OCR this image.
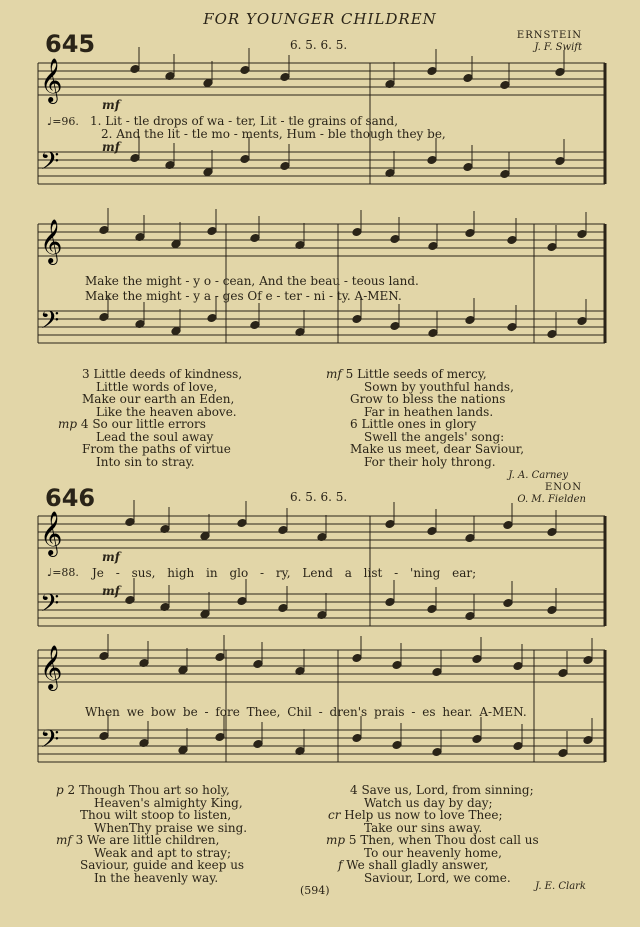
𝄞
𝄢
𝄞
𝄢
𝄞
𝄢
𝄞
𝄢
FOR YOUNGER CHILDREN
645	6. 5. 6. 5.
ERNSTEIN
J. F. Swift
mf
♩=96. 1. Lit - tle drops of wa - ter, Lit - tle grains of sand,
2. And the lit - tle mo - ments, Hum - ble though they be,
mf
Make the might - y o - cean, And the beau - teous land.
Make the might - y a - ges Of e - ter - ni - ty. A-MEN.
3 Little deeds of kindness,
Little words of love,
Make our earth an Eden,
Like the heaven above.
mp 4 So our little errors
Lead the soul away
From the paths of virtue
Into sin to stray.
mf 5 Little seeds of mercy,
Sown by youthful hands,
Grow to bless the nations
Far in heathen lands.
6 Little ones in glory
Swell the angels' song:
Make us meet, dear Saviour,
For their holy throng.
J. A. Carney
646	6. 5. 6. 5.
ENON
O. M. Fielden
mf
♩=88. Je - sus, high in glo - ry, Lend a list - 'ning ear;
mf
When we bow be - fore Thee, Chil - dren's prais - es hear. A-MEN.
p 2 Though Thou art so holy,
Heaven's almighty King,
Thou wilt stoop to listen,
WhenThy praise we sing.
mf 3 We are little children,
Weak and apt to stray;
Saviour, guide and keep us
In the heavenly way.
4 Save us, Lord, from sinning;
Watch us day by day;
cr Help us now to love Thee;
Take our sins away.
mp 5 Then, when Thou dost call us
To our heavenly home,
f We shall gladly answer,
Saviour, Lord, we come.
J. E. Clark
(594)
